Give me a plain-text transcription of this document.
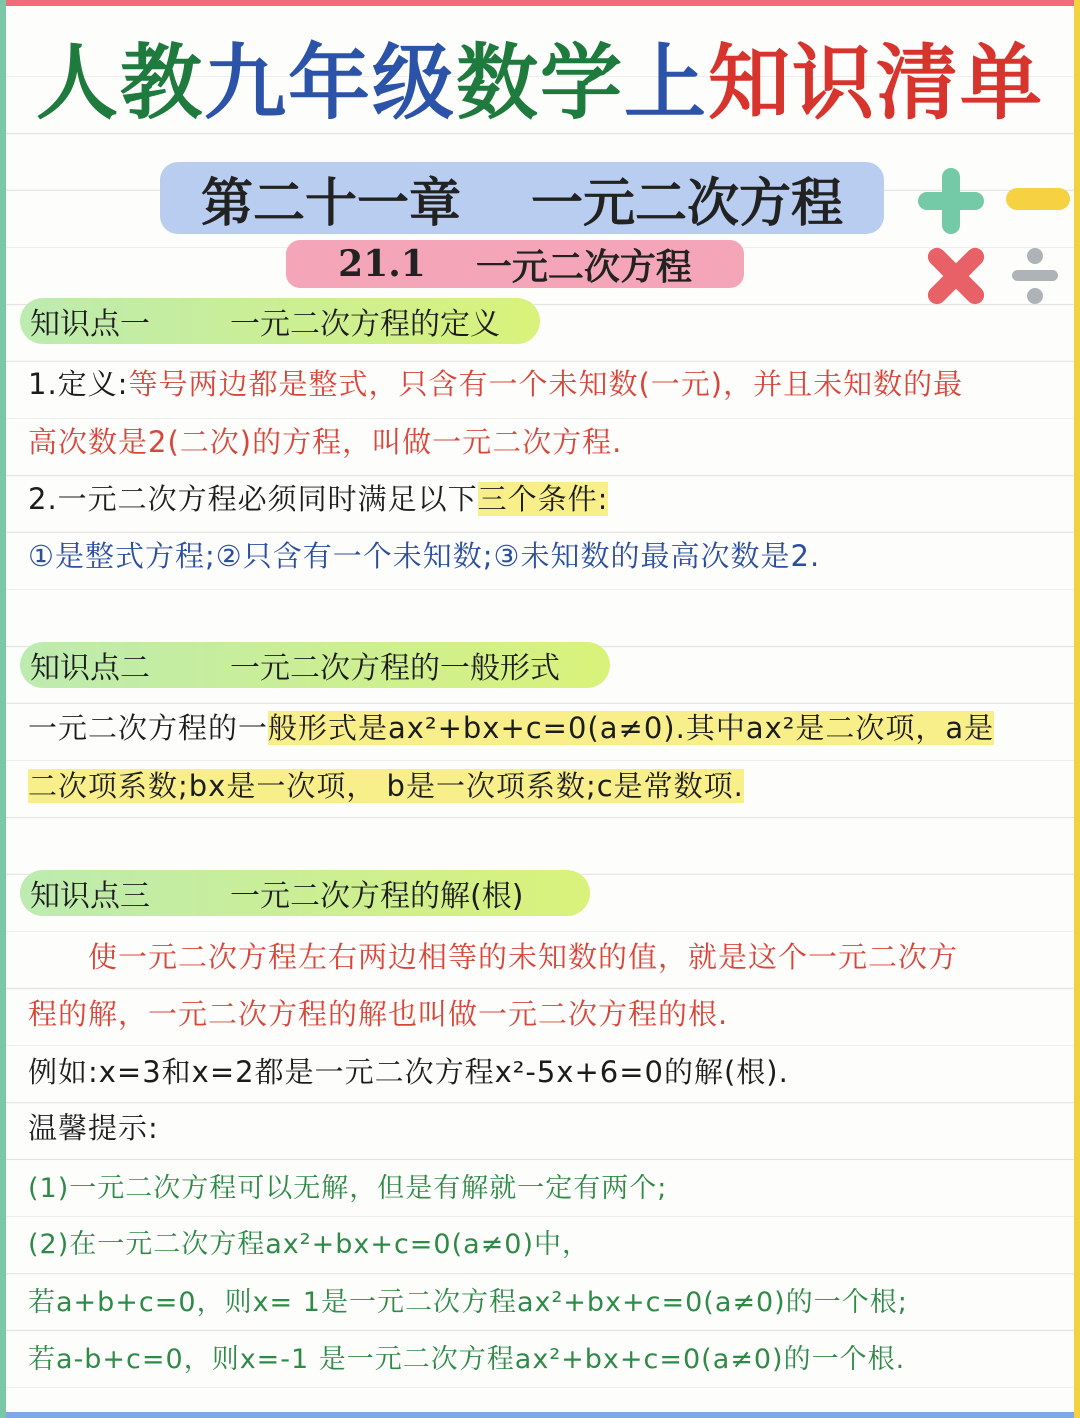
人教九年级数学上知识清单
第二十一章 一元二次方程
21.1 一元二次方程
知识点一	一元二次方程的定义
1.定义:等号两边都是整式，只含有一个未知数(一元)，并且未知数的最
高次数是2(二次)的方程，叫做一元二次方程.
2.一元二次方程必须同时满足以下三个条件:
①是整式方程;②只含有一个未知数;③未知数的最高次数是2.
知识点二	一元二次方程的一般形式
一元二次方程的一般形式是ax²+bx+c=0(a≠0).其中ax²是二次项，a是
二次项系数;bx是一次项， b是一次项系数;c是常数项.
知识点三	一元二次方程的解(根)
使一元二次方程左右两边相等的未知数的值，就是这个一元二次方
程的解，一元二次方程的解也叫做一元二次方程的根.
例如:x=3和x=2都是一元二次方程x²-5x+6=0的解(根).
温馨提示:
(1)一元二次方程可以无解，但是有解就一定有两个;
(2)在一元二次方程ax²+bx+c=0(a≠0)中，
若a+b+c=0，则x= 1是一元二次方程ax²+bx+c=0(a≠0)的一个根;
若a-b+c=0，则x=-1 是一元二次方程ax²+bx+c=0(a≠0)的一个根.
